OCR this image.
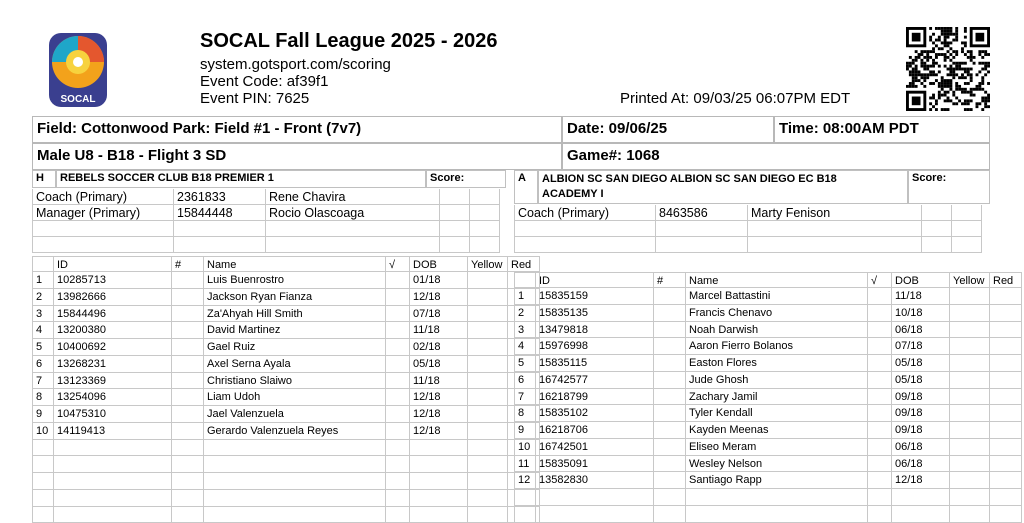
SOCAL
SOCAL Fall League 2025 - 2026
system.gotsport.com/scoring
Event Code: af39f1
Event PIN: 7625	Printed At: 09/03/25 06:07PM EDT
Field: Cottonwood Park: Field #1 - Front (7v7)	Date: 09/06/25	Time: 08:00AM PDT
Male U8 - B18 - Flight 3 SD	Game#: 1068
H	REBELS SOCCER CLUB B18 PREMIER 1	Score:	A	ALBION SC SAN DIEGO ALBION SC SAN DIEGO EC B18 ACADEMY I
Score:
Coach (Primary)	2361833	Rene Chavira
Manager (Primary)	15844448	Rocio Olascoaga	Coach (Primary)	8463586	Marty Fenison
ID	#	Name	√	DOB	Yellow Red
1	10285713	Luis Buenrostro	01/18
2	13982666	Jackson Ryan Fianza	12/18
3	15844496	Za'Ahyah Hill Smith	07/18
4	13200380	David Martinez	11/18
5	10400692	Gael Ruiz	02/18
6	13268231	Axel Serna Ayala	05/18
7	13123369	Christiano Slaiwo	11/18
8	13254096	Liam Udoh	12/18
9	10475310	Jael Valenzuela	12/18
10 14119413	Gerardo Valenzuela Reyes	12/18
ID	#	Name	√	DOB	Yellow Red
1	15835159	Marcel Battastini	11/18
2	15835135	Francis Chenavo	10/18
3	13479818	Noah Darwish	06/18
4	15976998	Aaron Fierro Bolanos	07/18
5	15835115	Easton Flores	05/18
6	16742577	Jude Ghosh	05/18
7	16218799	Zachary Jamil	09/18
8	15835102	Tyler Kendall	09/18
9	16218706	Kayden Meenas	09/18
10 16742501	Eliseo Meram	06/18
11 15835091	Wesley Nelson	06/18
12 13582830	Santiago Rapp	12/18
